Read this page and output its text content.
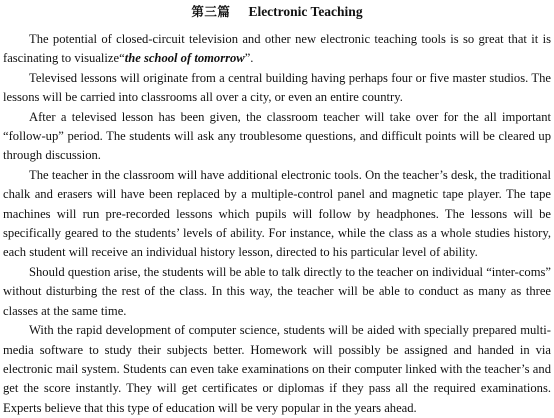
第三篇 Electronic Teaching

The potential of closed-circuit television and other new electronic teaching tools is so great that it is fascinating to visualize“the school of tomorrow”.

Televised lessons will originate from a central building having perhaps four or five master studios. The lessons will be carried into classrooms all over a city, or even an entire country.

After a televised lesson has been given, the classroom teacher will take over for the all important “follow-up” period. The students will ask any troublesome questions, and difficult points will be cleared up through discussion.

The teacher in the classroom will have additional electronic tools. On the teacher’s desk, the traditional chalk and erasers will have been replaced by a multiple-control panel and magnetic tape player. The tape machines will run pre-recorded lessons which pupils will follow by headphones. The lessons will be specifically geared to the students’ levels of ability. For instance, while the class as a whole studies history, each student will receive an individual history lesson, directed to his particular level of ability.

Should question arise, the students will be able to talk directly to the teacher on individual “inter-coms” without disturbing the rest of the class. In this way, the teacher will be able to conduct as many as three classes at the same time.

With the rapid development of computer science, students will be aided with specially prepared multi-media software to study their subjects better. Homework will possibly be assigned and handed in via electronic mail system. Students can even take examinations on their computer linked with the teacher’s and get the score instantly. They will get certificates or diplomas if they pass all the required examinations. Experts believe that this type of education will be very popular in the years ahead.
